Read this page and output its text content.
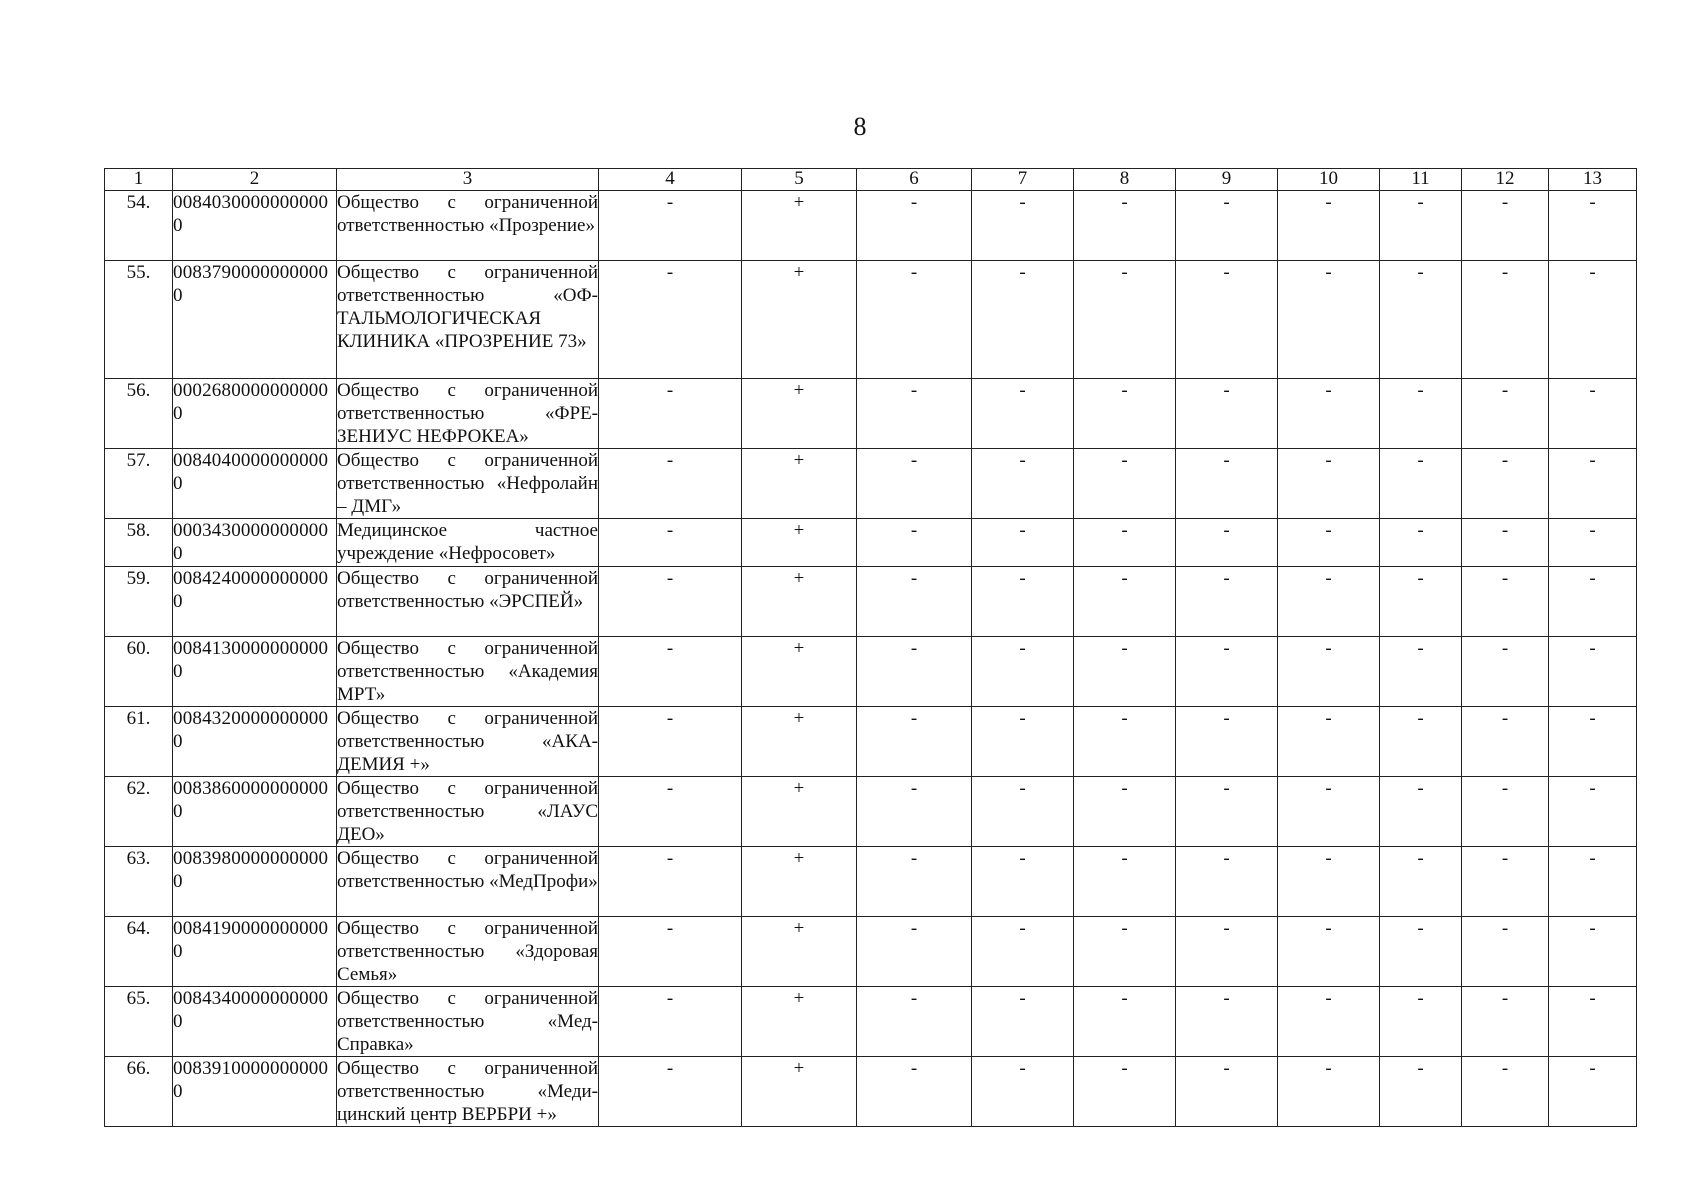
8
1	2	3	4	5	6	7	8	9	10	11	12	13
54.	00840300000000000	Общество с ограниченной ответственностью «Прозрение»	-	+	-	-	-	-	-	-	-	-
55.	00837900000000000	Общество с ограниченной ответственностью «ОФТАЛЬМОЛОГИЧЕСКАЯ КЛИНИКА «ПРОЗРЕНИЕ 73»	-	+	-	-	-	-	-	-	-	-
56.	00026800000000000	Общество с ограниченной ответственностью «ФРЕЗЕНИУС НЕФРОКЕА»	-	+	-	-	-	-	-	-	-	-
57.	00840400000000000	Общество с ограниченной ответственностью «Нефролайн – ДМГ»	-	+	-	-	-	-	-	-	-	-
58.	00034300000000000	Медицинское частное учреждение «Нефросовет»	-	+	-	-	-	-	-	-	-	-
59.	00842400000000000	Общество с ограниченной ответственностью «ЭРСПЕЙ»	-	+	-	-	-	-	-	-	-	-
60.	00841300000000000	Общество с ограниченной ответственностью «Академия МРТ»	-	+	-	-	-	-	-	-	-	-
61.	00843200000000000	Общество с ограниченной ответственностью «АКАДЕМИЯ +»	-	+	-	-	-	-	-	-	-	-
62.	00838600000000000	Общество с ограниченной ответственностью «ЛАУС ДЕО»	-	+	-	-	-	-	-	-	-	-
63.	00839800000000000	Общество с ограниченной ответственностью «МедПрофи»	-	+	-	-	-	-	-	-	-	-
64.	00841900000000000	Общество с ограниченной ответственностью «Здоровая Семья»	-	+	-	-	-	-	-	-	-	-
65.	00843400000000000	Общество с ограниченной ответственностью «МедСправка»	-	+	-	-	-	-	-	-	-	-
66.	00839100000000000	Общество с ограниченной ответственностью «Медицинский центр ВЕРБРИ +»	-	+	-	-	-	-	-	-	-	-
